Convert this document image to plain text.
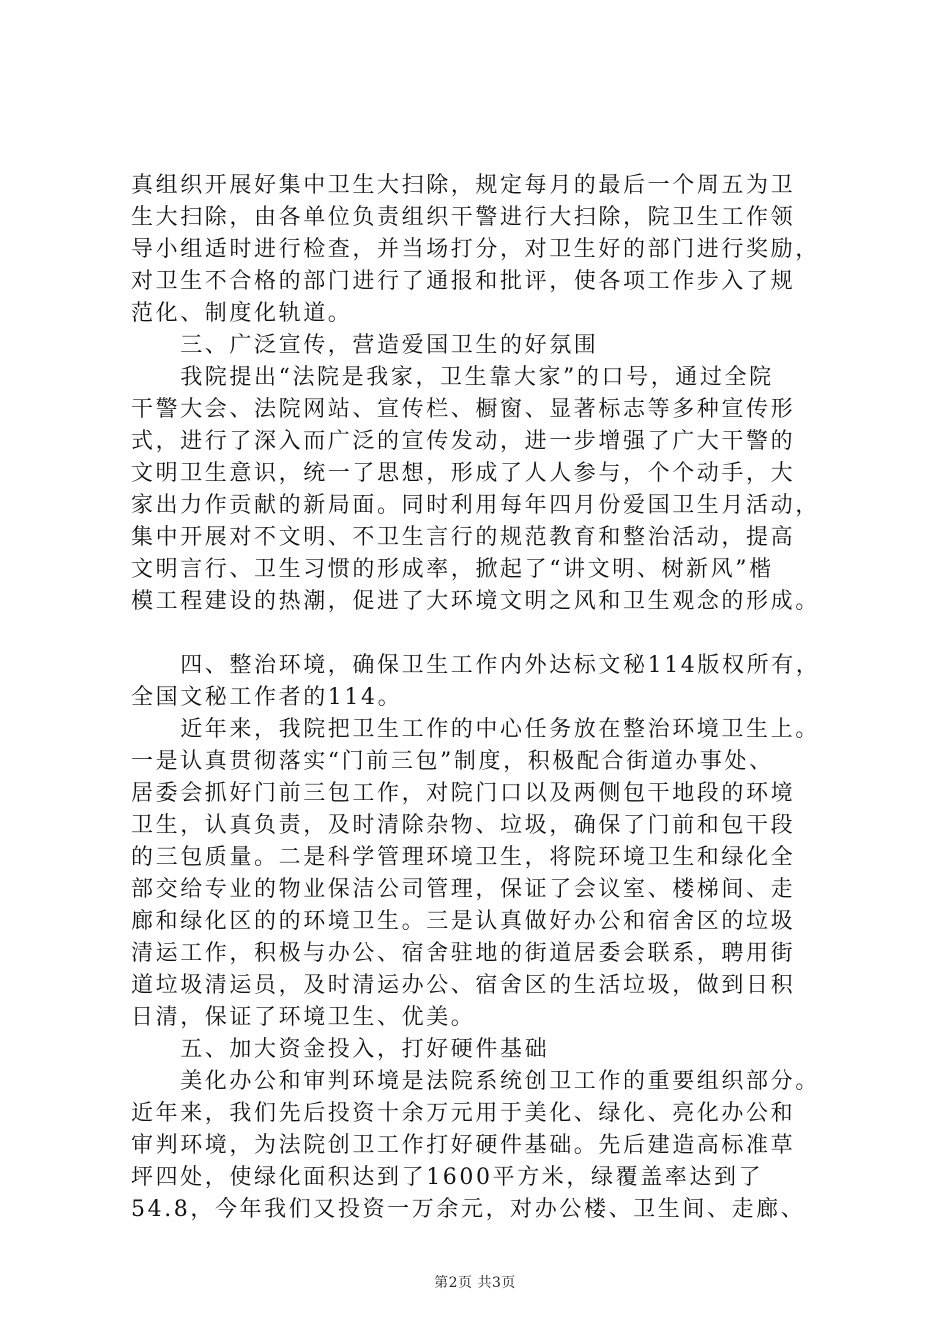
真组织开展好集中卫生大扫除，规定每月的最后一个周五为卫
生大扫除，由各单位负责组织干警进行大扫除，院卫生工作领
导小组适时进行检查，并当场打分，对卫生好的部门进行奖励，
对卫生不合格的部门进行了通报和批评，使各项工作步入了规
范化、制度化轨道。
　　三、广泛宣传，营造爱国卫生的好氛围
　　我院提出“法院是我家，卫生靠大家”的口号，通过全院
干警大会、法院网站、宣传栏、橱窗、显著标志等多种宣传形
式，进行了深入而广泛的宣传发动，进一步增强了广大干警的
文明卫生意识，统一了思想，形成了人人参与，个个动手，大
家出力作贡献的新局面。同时利用每年四月份爱国卫生月活动，
集中开展对不文明、不卫生言行的规范教育和整治活动，提高
文明言行、卫生习惯的形成率，掀起了“讲文明、树新风”楷
模工程建设的热潮，促进了大环境文明之风和卫生观念的形成。
　　四、整治环境，确保卫生工作内外达标文秘114版权所有，
全国文秘工作者的114。
　　近年来，我院把卫生工作的中心任务放在整治环境卫生上。
一是认真贯彻落实“门前三包”制度，积极配合街道办事处、
居委会抓好门前三包工作，对院门口以及两侧包干地段的环境
卫生，认真负责，及时清除杂物、垃圾，确保了门前和包干段
的三包质量。二是科学管理环境卫生，将院环境卫生和绿化全
部交给专业的物业保洁公司管理，保证了会议室、楼梯间、走
廊和绿化区的的环境卫生。三是认真做好办公和宿舍区的垃圾
清运工作，积极与办公、宿舍驻地的街道居委会联系，聘用街
道垃圾清运员，及时清运办公、宿舍区的生活垃圾，做到日积
日清，保证了环境卫生、优美。
　　五、加大资金投入，打好硬件基础
　　美化办公和审判环境是法院系统创卫工作的重要组织部分。
近年来，我们先后投资十余万元用于美化、绿化、亮化办公和
审判环境，为法院创卫工作打好硬件基础。先后建造高标准草
坪四处，使绿化面积达到了1600平方米，绿覆盖率达到了
54.8，今年我们又投资一万余元，对办公楼、卫生间、走廊、
第2页 共3页
